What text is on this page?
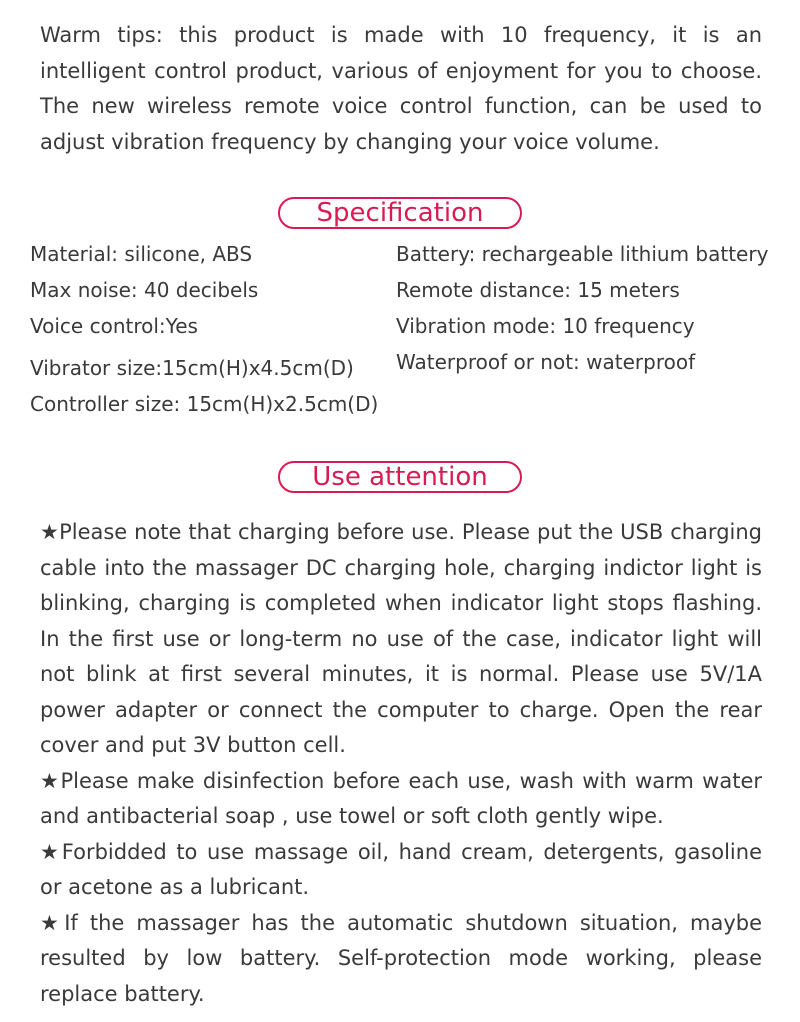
Warm tips: this product is made with 10 frequency, it is an intelligent control product, various of enjoyment for you to choose. The new wireless remote voice control function, can be used to adjust vibration frequency by changing your voice volume.

Specification
Material: silicone, ABS
Max noise: 40 decibels
Voice control:Yes
Vibrator size:15cm(H)x4.5cm(D)
Controller size: 15cm(H)x2.5cm(D)
Battery: rechargeable lithium battery
Remote distance: 15 meters
Vibration mode: 10 frequency
Waterproof or not: waterproof
Use attention
★Please note that charging before use. Please put the USB charging cable into the massager DC charging hole, charging indictor light is blinking, charging is completed when indicator light stops flashing. In the first use or long-term no use of the case, indicator light will not blink at first several minutes, it is normal. Please use 5V/1A power adapter or connect the computer to charge. Open the rear cover and put 3V button cell.
★Please make disinfection before each use, wash with warm water and antibacterial soap , use towel or soft cloth gently wipe.
★Forbidded to use massage oil, hand cream, detergents, gasoline or acetone as a lubricant.
★If the massager has the automatic shutdown situation, maybe resulted by low battery. Self-protection mode working, please replace battery.
